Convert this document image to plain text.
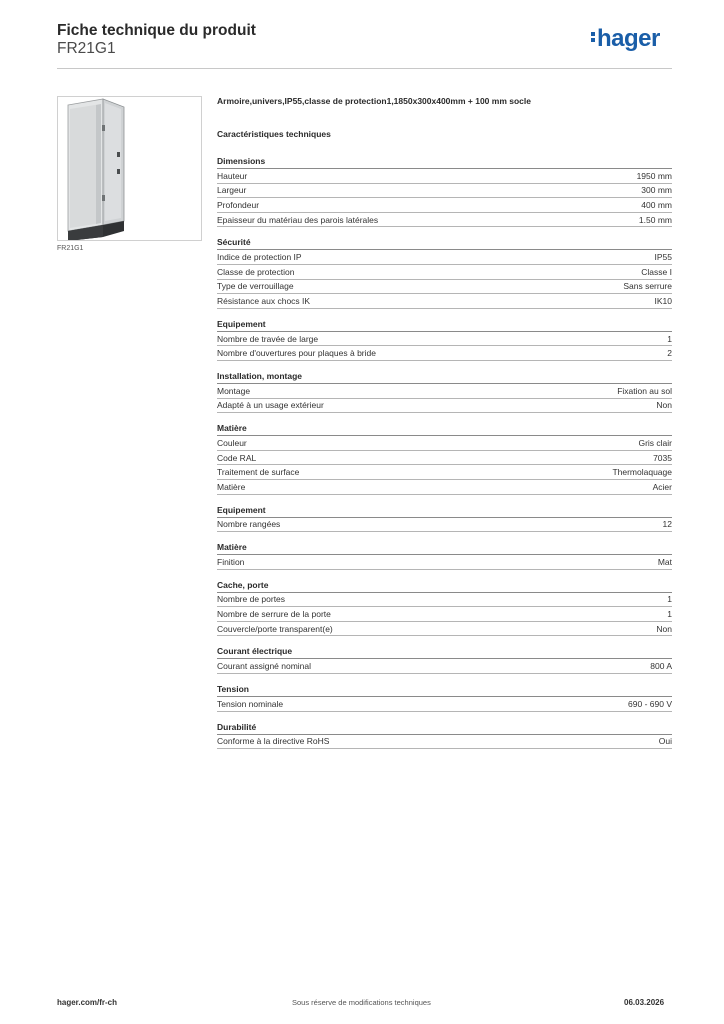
Fiche technique du produit
FR21G1	hager
FR21G1
Armoire,univers,IP55,classe de protection1,1850x300x400mm + 100 mm socle
Caractéristiques techniques
Dimensions
Hauteur	1950 mm
Largeur	300 mm
Profondeur	400 mm
Epaisseur du matériau des parois latérales	1.50 mm
Sécurité
Indice de protection IP	IP55
Classe de protection	Classe I
Type de verrouillage	Sans serrure
Résistance aux chocs IK	IK10
Equipement
Nombre de travée de large	1
Nombre d'ouvertures pour plaques à bride	2
Installation, montage
Montage	Fixation au sol
Adapté à un usage extérieur	Non
Matière
Couleur	Gris clair
Code RAL	7035
Traitement de surface	Thermolaquage
Matière	Acier
Equipement
Nombre rangées	12
Matière
Finition	Mat
Cache, porte
Nombre de portes	1
Nombre de serrure de la porte	1
Couvercle/porte transparent(e)	Non
Courant électrique
Courant assigné nominal	800 A
Tension
Tension nominale	690 - 690 V
Durabilité
Conforme à la directive RoHS	Oui
hager.com/fr-ch	Sous réserve de modifications techniques	06.03.2026
